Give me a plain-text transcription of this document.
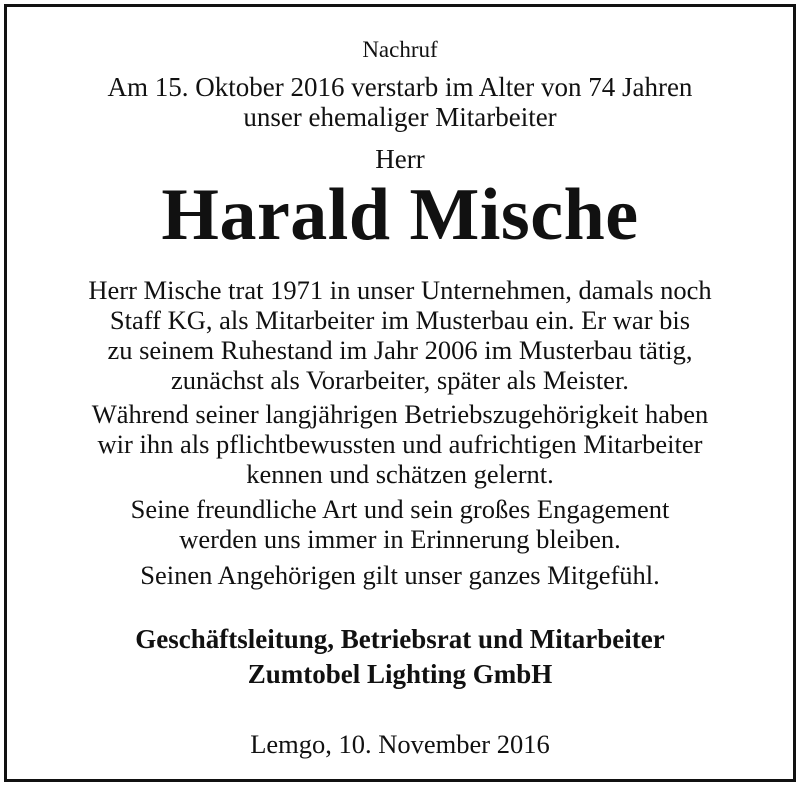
Nachruf
Am 15. Oktober 2016 verstarb im Alter von 74 Jahren
unser ehemaliger Mitarbeiter
Herr
Harald Mische
Herr Mische trat 1971 in unser Unternehmen, damals noch
Staff KG, als Mitarbeiter im Musterbau ein. Er war bis
zu seinem Ruhestand im Jahr 2006 im Musterbau tätig,
zunächst als Vorarbeiter, später als Meister.
Während seiner langjährigen Betriebszugehörigkeit haben
wir ihn als pflichtbewussten und aufrichtigen Mitarbeiter
kennen und schätzen gelernt.
Seine freundliche Art und sein großes Engagement
werden uns immer in Erinnerung bleiben.
Seinen Angehörigen gilt unser ganzes Mitgefühl.
Geschäftsleitung, Betriebsrat und Mitarbeiter
Zumtobel Lighting GmbH
Lemgo, 10. November 2016
